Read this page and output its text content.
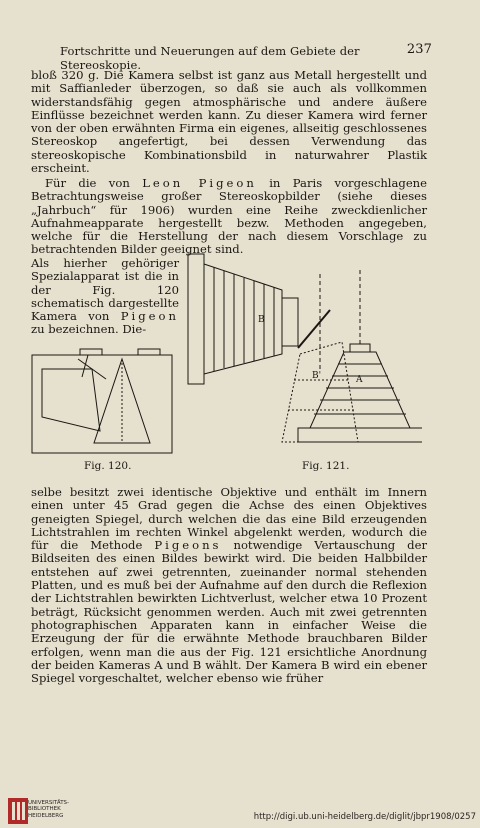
Fortschritte und Neuerungen auf dem Gebiete der Stereoskopie.
237

bloß 320 g. Die Kamera selbst ist ganz aus Metall hergestellt und mit Saffianleder überzogen, so daß sie auch als vollkommen widerstandsfähig gegen atmosphärische und andere äußere Einflüsse bezeichnet werden kann. Zu dieser Kamera wird ferner von der oben erwähnten Firma ein eigenes, allseitig geschlossenes Stereoskop angefertigt, bei dessen Verwendung das stereoskopische Kombinationsbild in naturwahrer Plastik erscheint.

Für die von Leon Pigeon in Paris vorgeschlagene Betrachtungsweise großer Stereoskopbilder (siehe dieses „Jahrbuch“ für 1906) wurden eine Reihe zweckdienlicher Aufnahmeapparate hergestellt bezw. Methoden angegeben, welche für die Herstellung der nach diesem Vorschlage zu betrachtenden Bilder geeignet sind.

Als hierher gehöriger Spezialapparat ist die in der Fig. 120 schematisch dargestellte Kamera von Pigeon zu bezeichnen. Die-

Fig. 120.
B
B'	A
Fig. 121.

selbe besitzt zwei identische Objektive und enthält im Innern einen unter 45 Grad gegen die Achse des einen Objektives geneigten Spiegel, durch welchen die das eine Bild erzeugenden Lichtstrahlen im rechten Winkel abgelenkt werden, wodurch die für die Methode Pigeons notwendige Vertauschung der Bildseiten des einen Bildes bewirkt wird. Die beiden Halbbilder entstehen auf zwei getrennten, zueinander normal stehenden Platten, und es muß bei der Aufnahme auf den durch die Reflexion der Lichtstrahlen bewirkten Lichtverlust, welcher etwa 10 Prozent beträgt, Rücksicht genommen werden. Auch mit zwei getrennten photographischen Apparaten kann in einfacher Weise die Erzeugung der für die erwähnte Methode brauchbaren Bilder erfolgen, wenn man die aus der Fig. 121 ersichtliche Anordnung der beiden Kameras A und B wählt. Der Kamera B wird ein ebener Spiegel vorgeschaltet, welcher ebenso wie früher

UNIVERSITÄTS-
BIBLIOTHEK
HEIDELBERG	http://digi.ub.uni-heidelberg.de/diglit/jbpr1908/0257
